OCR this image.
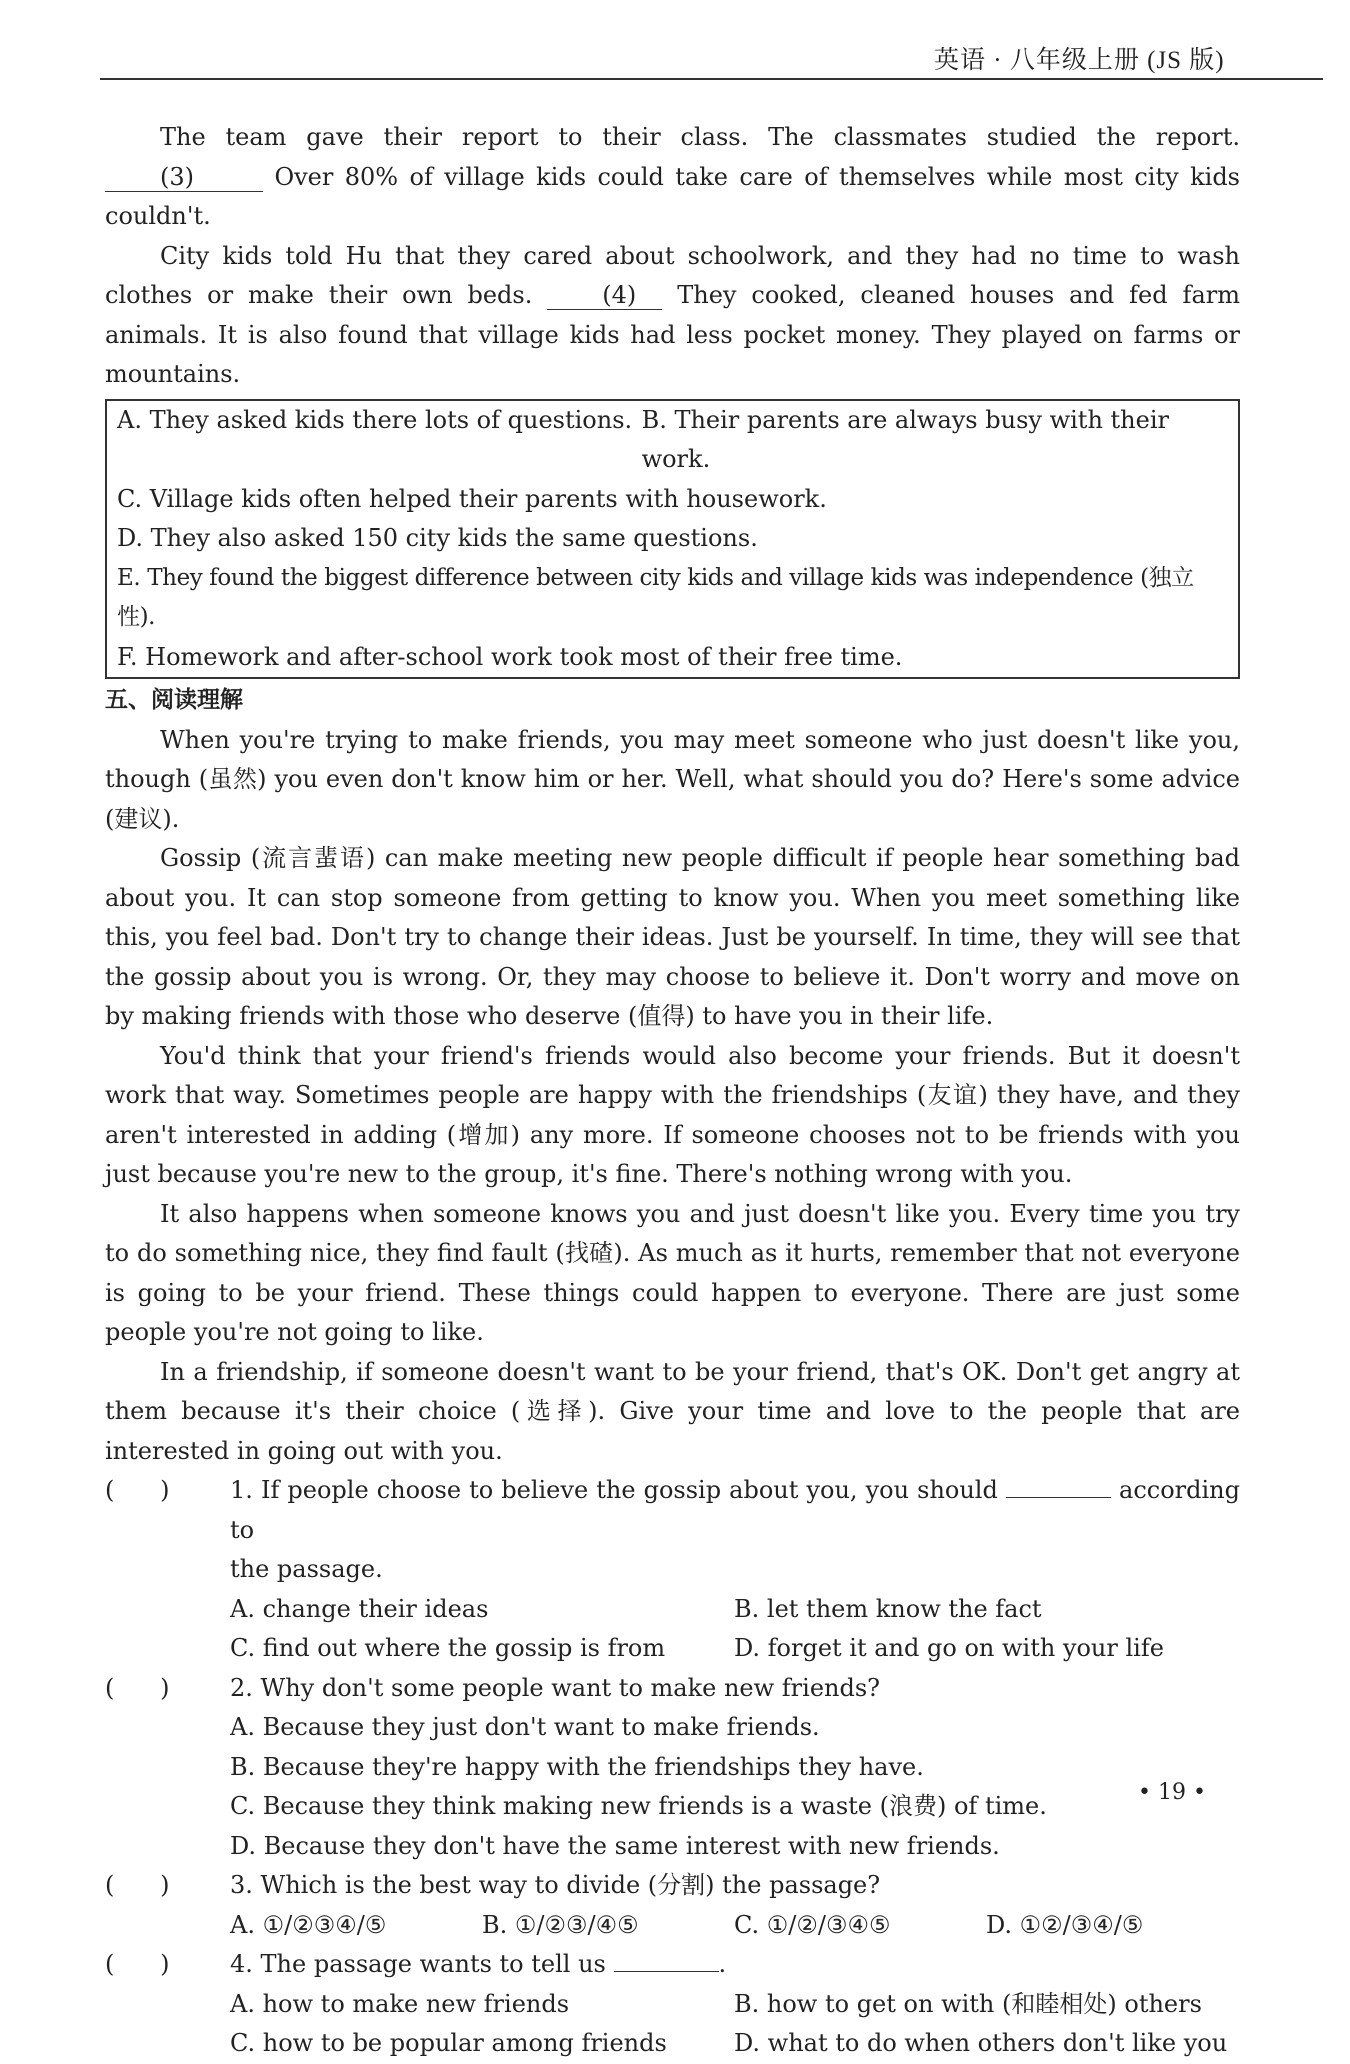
英语 · 八年级上册 (JS 版)

The team gave their report to their class. The classmates studied the report. (3)	Over 80% of village kids could take care of themselves while most city kids couldn't.

City kids told Hu that they cared about schoolwork, and they had no time to wash clothes or make their own beds.	(4) They cooked, cleaned houses and fed farm animals. It is also found that village kids had less pocket money. They played on farms or mountains.

A. They asked kids there lots of questions. B. Their parents are always busy with their work.
C. Village kids often helped their parents with housework.
D. They also asked 150 city kids the same questions.
E. They found the biggest difference between city kids and village kids was independence (独立性).
F. Homework and after-school work took most of their free time.
五、阅读理解

When you're trying to make friends, you may meet someone who just doesn't like you, though (虽然) you even don't know him or her. Well, what should you do? Here's some advice (建议).

Gossip (流言蜚语) can make meeting new people difficult if people hear something bad about you. It can stop someone from getting to know you. When you meet something like this, you feel bad. Don't try to change their ideas. Just be yourself. In time, they will see that the gossip about you is wrong. Or, they may choose to believe it. Don't worry and move on by making friends with those who deserve (值得) to have you in their life.

You'd think that your friend's friends would also become your friends. But it doesn't work that way. Sometimes people are happy with the friendships (友谊) they have, and they aren't interested in adding (增加) any more. If someone chooses not to be friends with you just because you're new to the group, it's fine. There's nothing wrong with you.

It also happens when someone knows you and just doesn't like you. Every time you try to do something nice, they find fault (找碴). As much as it hurts, remember that not everyone is going to be your friend. These things could happen to everyone. There are just some people you're not going to like.

In a friendship, if someone doesn't want to be your friend, that's OK. Don't get angry at them because it's their choice (选择). Give your time and love to the people that are interested in going out with you.

(      )	1. If people choose to believe the gossip about you, you should	according to
the passage.
A. change their ideas	B. let them know the fact
C. find out where the gossip is from	D. forget it and go on with your life
(      )	2. Why don't some people want to make new friends?
A. Because they just don't want to make friends.
B. Because they're happy with the friendships they have.
C. Because they think making new friends is a waste (浪费) of time.
D. Because they don't have the same interest with new friends.
(      )	3. Which is the best way to divide (分割) the passage?
A. ①/②③④/⑤	B. ①/②③/④⑤	C. ①/②/③④⑤	D. ①②/③④/⑤
(      )	4. The passage wants to tell us	.
A. how to make new friends	B. how to get on with (和睦相处) others
C. how to be popular among friends	D. what to do when others don't like you
• 19 •
